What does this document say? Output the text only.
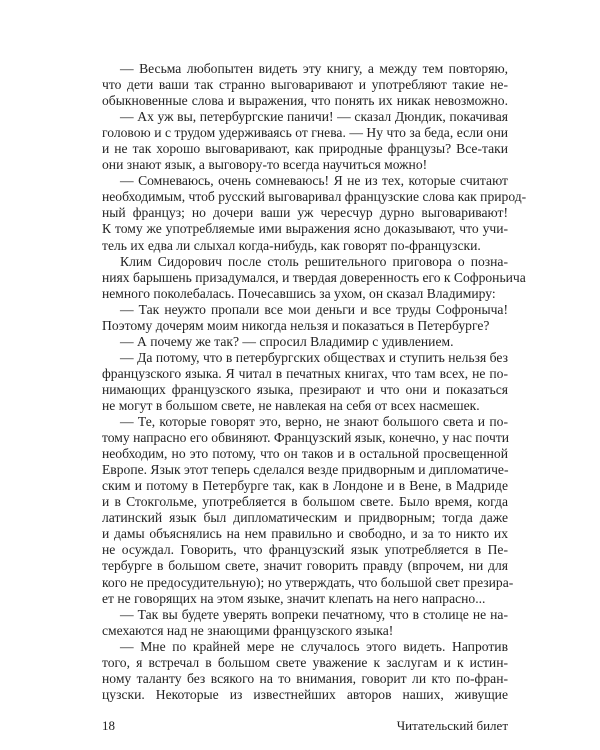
— Весьма любопытен видеть эту книгу, а между тем повторяю,
что дети ваши так странно выговаривают и употребляют такие не-
обыкновенные слова и выражения, что понять их никак невозможно.
— Ах уж вы, петербургские паничи! — сказал Дюндик, покачивая
головою и с трудом удерживаясь от гнева. — Ну что за беда, если они
и не так хорошо выговаривают, как природные французы? Все-таки
они знают язык, а выговору-то всегда научиться можно!
— Сомневаюсь, очень сомневаюсь! Я не из тех, которые считают
необходимым, чтоб русский выговаривал французские слова как природ-
ный француз; но дочери ваши уж чересчур дурно выговаривают!
К тому же употребляемые ими выражения ясно доказывают, что учи-
тель их едва ли слыхал когда-нибудь, как говорят по-французски.
Клим Сидорович после столь решительного приговора о позна-
ниях барышень призадумался, и твердая доверенность его к Софроньича
немного поколебалась. Почесавшись за ухом, он сказал Владимиру:
— Так неужто пропали все мои деньги и все труды Софроныча!
Поэтому дочерям моим никогда нельзя и показаться в Петербурге?
— А почему же так? — спросил Владимир с удивлением.
— Да потому, что в петербургских обществах и ступить нельзя без
французского языка. Я читал в печатных книгах, что там всех, не по-
нимающих французского языка, презирают и что они и показаться
не могут в большом свете, не навлекая на себя от всех насмешек.
— Те, которые говорят это, верно, не знают большого света и по-
тому напрасно его обвиняют. Французский язык, конечно, у нас почти
необходим, но это потому, что он таков и в остальной просвещенной
Европе. Язык этот теперь сделался везде придворным и дипломатиче-
ским и потому в Петербурге так, как в Лондоне и в Вене, в Мадриде
и в Стокгольме, употребляется в большом свете. Было время, когда
латинский язык был дипломатическим и придворным; тогда даже
и дамы объяснялись на нем правильно и свободно, и за то никто их
не осуждал. Говорить, что французский язык употребляется в Пе-
тербурге в большом свете, значит говорить правду (впрочем, ни для
кого не предосудительную); но утверждать, что большой свет презира-
ет не говорящих на этом языке, значит клепать на него напрасно...
— Так вы будете уверять вопреки печатному, что в столице не на-
смехаются над не знающими французского языка!
— Мне по крайней мере не случалось этого видеть. Напротив
того, я встречал в большом свете уважение к заслугам и к истин-
ному таланту без всякого на то внимания, говорит ли кто по-фран-
цузски. Некоторые из известнейших авторов наших, живущие
18	Читательский билет
